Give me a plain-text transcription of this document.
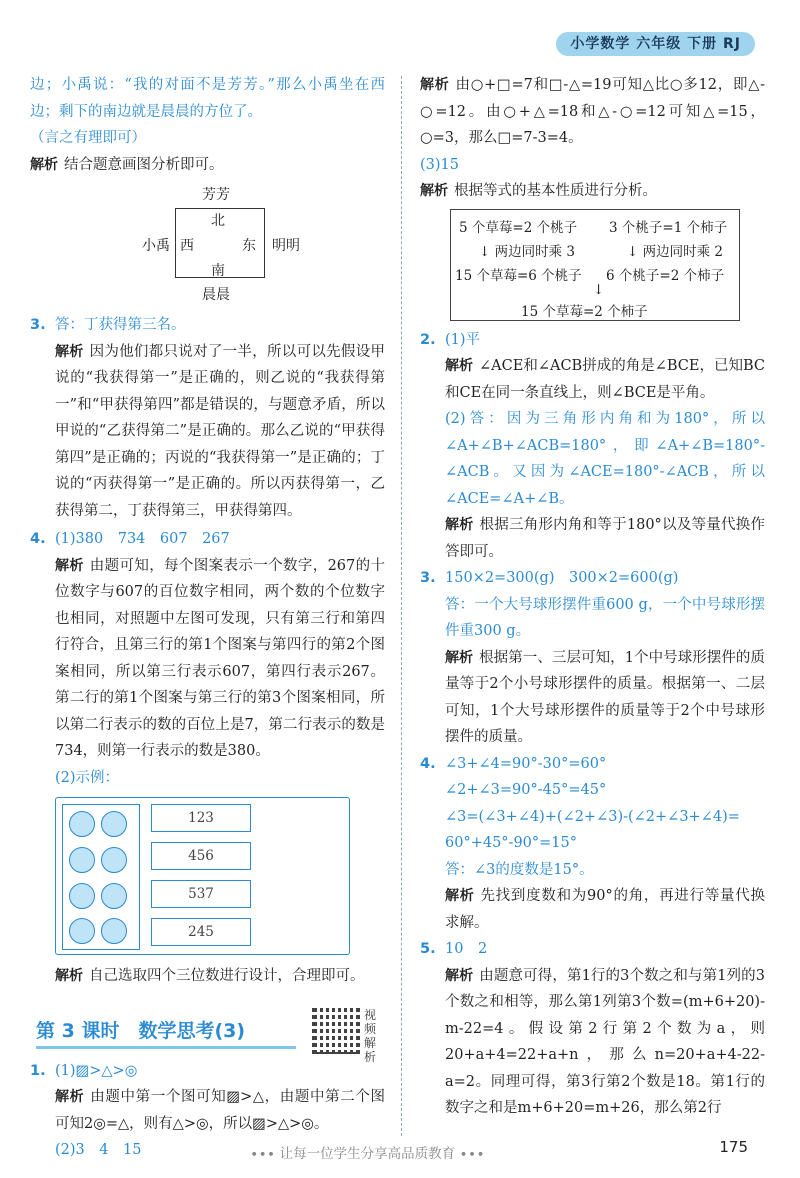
小学数学 六年级 下册 RJ
边；小禹说：“我的对面不是芳芳。”那么小禹坐在西边；剩下的南边就是晨晨的方位了。
（言之有理即可）
解析 结合题意画图分析即可。
芳芳
北
西	东
南
小禹	明明
晨晨
3. 答：丁获得第三名。
解析 因为他们都只说对了一半，所以可以先假设甲说的“我获得第一”是正确的，则乙说的“我获得第一”和“甲获得第四”都是错误的，与题意矛盾，所以甲说的“乙获得第二”是正确的。那么乙说的“甲获得第四”是正确的；丙说的“我获得第一”是正确的；丁说的“丙获得第一”是正确的。所以丙获得第一，乙获得第二，丁获得第三，甲获得第四。
4. (1)380　734　607　267
解析 由题可知，每个图案表示一个数字，267的十位数字与607的百位数字相同，两个数的个位数字也相同，对照题中左图可发现，只有第三行和第四行符合，且第三行的第1个图案与第四行的第2个图案相同，所以第三行表示607，第四行表示267。第二行的第1个图案与第三行的第3个图案相同，所以第二行表示的数的百位上是7，第二行表示的数是734，则第一行表示的数是380。
(2)示例：
123
456
537
245
解析 自己选取四个三位数进行设计，合理即可。
第 3 课时　数学思考(3)
视频解析
1. (1)▨>△>◎
解析 由题中第一个图可知▨>△，由题中第二个图可知2◎=△，则有△>◎，所以▨>△>◎。
(2)3　4　15
解析 由○+□=7和□-△=19可知△比○多12，即△-○=12。由○+△=18和△-○=12可知△=15，○=3，那么□=7-3=4。
(3)15
解析 根据等式的基本性质进行分析。
5 个草莓=2 个桃子 3 个桃子=1 个柿子
↓ 两边同时乘 3	↓ 两边同时乘 2
15 个草莓=6 个桃子 6 个桃子=2 个柿子
↓
15 个草莓=2 个柿子
2. (1)平
解析 ∠ACE和∠ACB拼成的角是∠BCE，已知BC和CE在同一条直线上，则∠BCE是平角。
(2)答：因为三角形内角和为180°，所以∠A+∠B+∠ACB=180°，即∠A+∠B=180°-∠ACB。又因为∠ACE=180°-∠ACB，所以∠ACE=∠A+∠B。
解析 根据三角形内角和等于180°以及等量代换作答即可。
3. 150×2=300(g)　300×2=600(g)
答：一个大号球形摆件重600 g，一个中号球形摆件重300 g。
解析 根据第一、三层可知，1个中号球形摆件的质量等于2个小号球形摆件的质量。根据第一、二层可知，1个大号球形摆件的质量等于2个中号球形摆件的质量。
4. ∠3+∠4=90°-30°=60°
∠2+∠3=90°-45°=45°
∠3=(∠3+∠4)+(∠2+∠3)-(∠2+∠3+∠4)=
60°+45°-90°=15°
答：∠3的度数是15°。
解析 先找到度数和为90°的角，再进行等量代换求解。
5. 10　2
解析 由题意可得，第1行的3个数之和与第1列的3个数之和相等，那么第1列第3个数=(m+6+20)-m-22=4。假设第2行第2个数为a，则20+a+4=22+a+n，那么n=20+a+4-22-a=2。同理可得，第3行第2个数是18。第1行的数字之和是m+6+20=m+26，那么第2行
∙∙∙ 让每一位学生分享高品质教育 ∙∙∙	175
